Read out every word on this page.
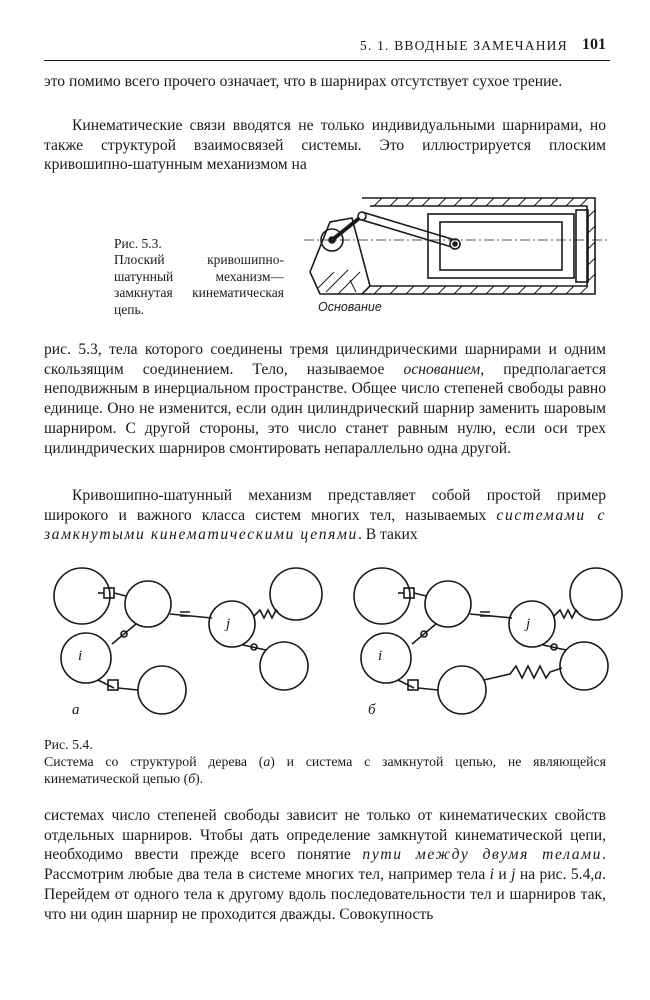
5. 1. ВВОДНЫЕ ЗАМЕЧАНИЯ 101

это помимо всего прочего означает, что в шарнирах отсутствует сухое трение.

Кинематические связи вводятся не только индивидуальными шарнирами, но также структурой взаимосвязей системы. Это иллюстрируется плоским кривошипно-шатунным механизмом на

Основание
Рис. 5.3.
Плоский кривошипно-шатунный механизм— замкнутая кинематическая цепь.

рис. 5.3, тела которого соединены тремя цилиндрическими шарнирами и одним скользящим соединением. Тело, называемое основанием, предполагается неподвижным в инерциальном пространстве. Общее число степеней свободы равно единице. Оно не изменится, если один цилиндрический шарнир заменить шаровым шарниром. С другой стороны, это число станет равным нулю, если оси трех цилиндрических шарниров смонтировать непараллельно одна другой.

Кривошипно-шатунный механизм представляет собой простой пример широкого и важного класса систем многих тел, называемых системами с замкнутыми кинематическими цепями. В таких

i
j
i
j
а	б
Рис. 5.4.
Система со структурой дерева (а) и система с замкнутой цепью, не являющейся кинематической цепью (б).

системах число степеней свободы зависит не только от кинематических свойств отдельных шарниров. Чтобы дать определение замкнутой кинематической цепи, необходимо ввести прежде всего понятие пути между двумя телами. Рассмотрим любые два тела в системе многих тел, например тела i и j на рис. 5.4,а. Перейдем от одного тела к другому вдоль последовательности тел и шарниров так, что ни один шарнир не проходится дважды. Совокупность
